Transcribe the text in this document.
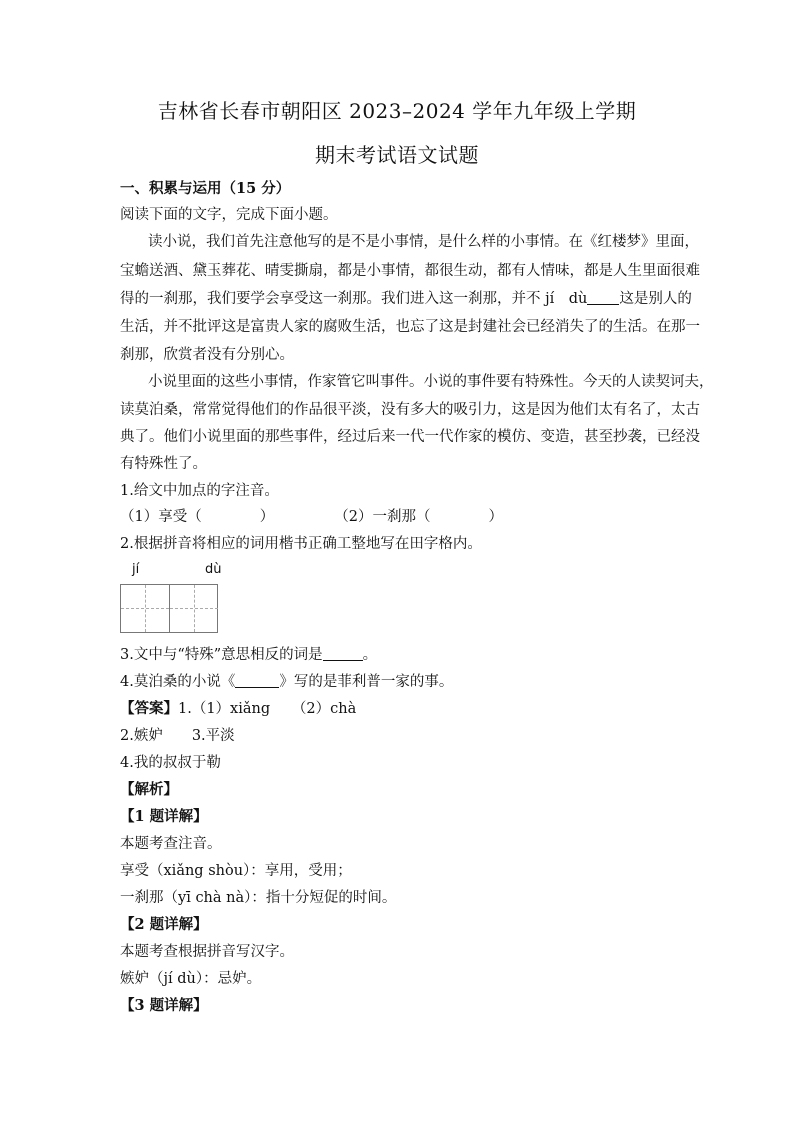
吉林省长春市朝阳区 2023–2024 学年九年级上学期
期末考试语文试题
一、积累与运用（15 分）
阅读下面的文字，完成下面小题。
读小说，我们首先注意他写的是不是小事情，是什么样的小事情。在《红楼梦》里面，
宝蟾送酒、黛玉葬花、晴雯撕扇，都是小事情，都很生动，都有人情味，都是人生里面很难
得的一刹那，我们要学会享受这一刹那。我们进入这一刹那，并不 jí　dù 这是别人的
生活，并不批评这是富贵人家的腐败生活，也忘了这是封建社会已经消失了的生活。在那一
刹那，欣赏者没有分别心。
小说里面的这些小事情，作家管它叫事件。小说的事件要有特殊性。今天的人读契诃夫，
读莫泊桑，常常觉得他们的作品很平淡，没有多大的吸引力，这是因为他们太有名了，太古
典了。他们小说里面的那些事件，经过后来一代一代作家的模仿、变造，甚至抄袭，已经没
有特殊性了。
1.给文中加点的字注音。
（1）享受（　　　　）	（2）一刹那（　　　　）
2.根据拼音将相应的词用楷书正确工整地写在田字格内。
jí	dù
3.文中与“特殊”意思相反的词是	。
4.莫泊桑的小说《	》写的是菲利普一家的事。
【答案】1.（1）xiǎng　　（2）chà
2.嫉妒　　3.平淡
4.我的叔叔于勒
【解析】
【1 题详解】
本题考查注音。
享受（xiǎng shòu）：享用，受用；
一刹那（yī chà nà）：指十分短促的时间。
【2 题详解】
本题考查根据拼音写汉字。
嫉妒（jí dù）：忌妒。
【3 题详解】
